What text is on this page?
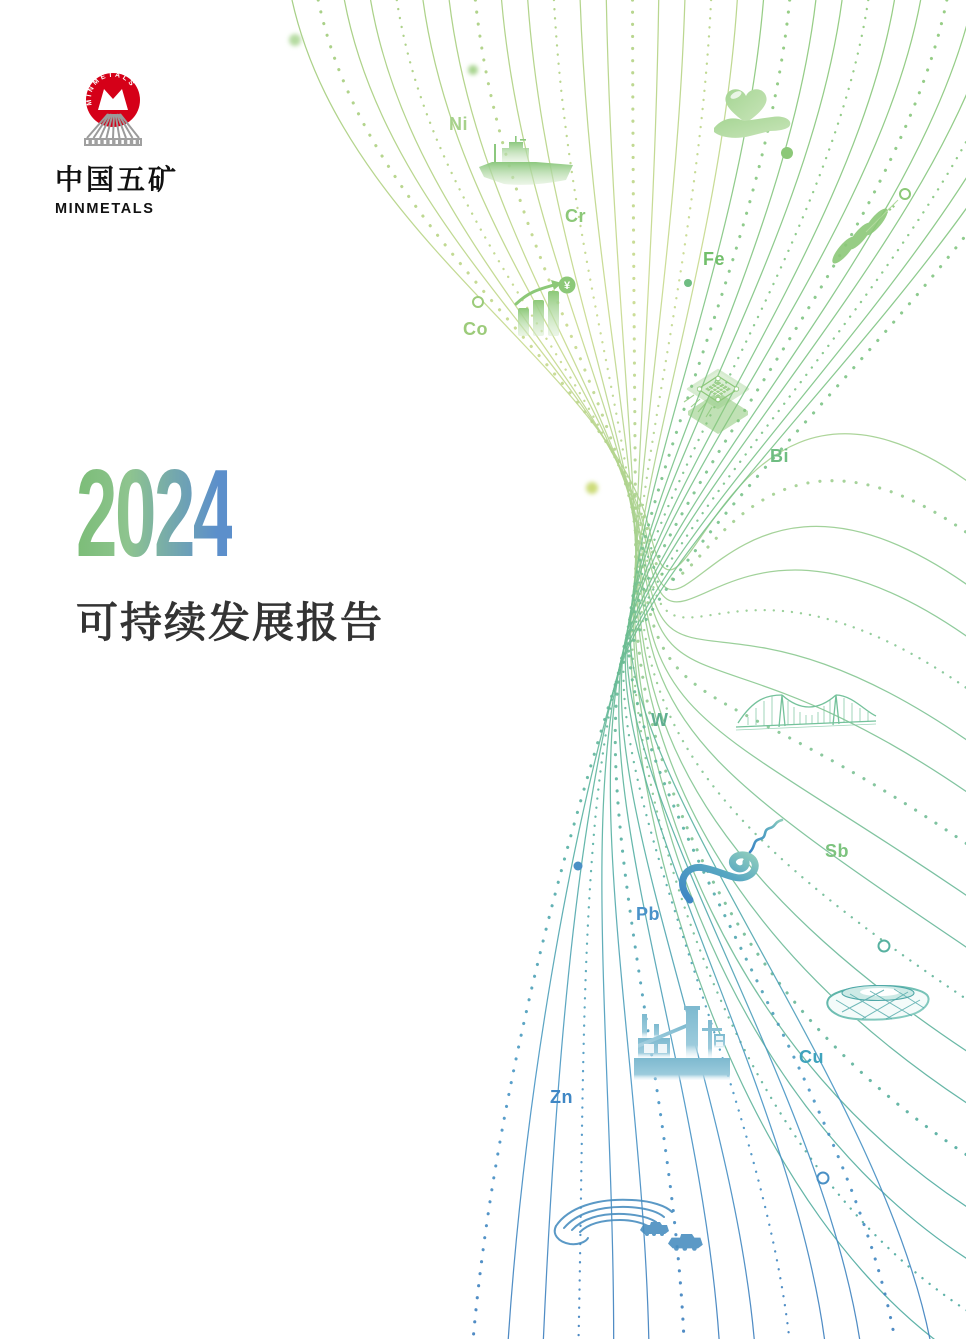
¥
Ni
Cr
Fe
Co
Bi
W
Sb
Pb
Zn
Cu
MINMETALS
中国五矿
MINMETALS
2024
可持续发展报告
